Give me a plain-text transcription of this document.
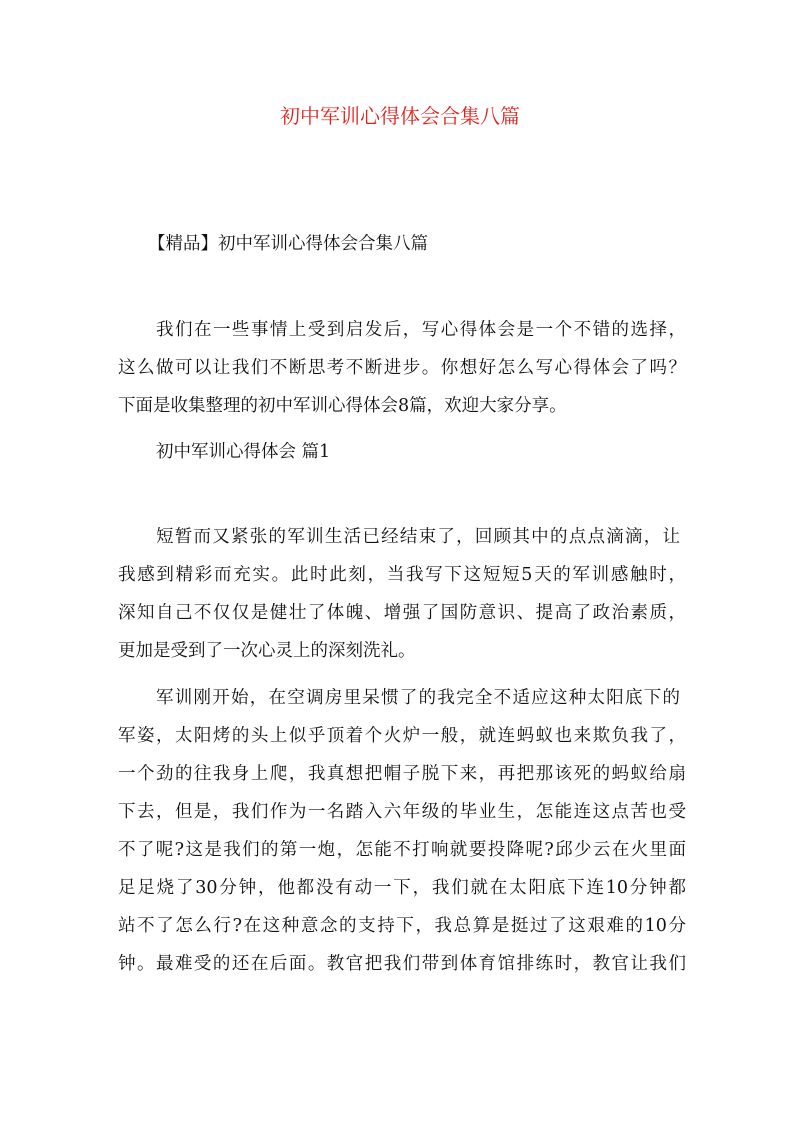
初中军训心得体会合集八篇

【精品】初中军训心得体会合集八篇

我们在一些事情上受到启发后，写心得体会是一个不错的选择，

这么做可以让我们不断思考不断进步。你想好怎么写心得体会了吗？

下面是收集整理的初中军训心得体会8篇，欢迎大家分享。

初中军训心得体会 篇1

短暂而又紧张的军训生活已经结束了，回顾其中的点点滴滴，让

我感到精彩而充实。此时此刻，当我写下这短短5天的军训感触时，

深知自己不仅仅是健壮了体魄、增强了国防意识、提高了政治素质，

更加是受到了一次心灵上的深刻洗礼。

军训刚开始，在空调房里呆惯了的我完全不适应这种太阳底下的

军姿，太阳烤的头上似乎顶着个火炉一般，就连蚂蚁也来欺负我了，

一个劲的往我身上爬，我真想把帽子脱下来，再把那该死的蚂蚁给扇

下去，但是，我们作为一名踏入六年级的毕业生，怎能连这点苦也受

不了呢?这是我们的第一炮，怎能不打响就要投降呢?邱少云在火里面

足足烧了30分钟，他都没有动一下，我们就在太阳底下连10分钟都

站不了怎么行?在这种意念的支持下，我总算是挺过了这艰难的10分

钟。最难受的还在后面。教官把我们带到体育馆排练时，教官让我们
